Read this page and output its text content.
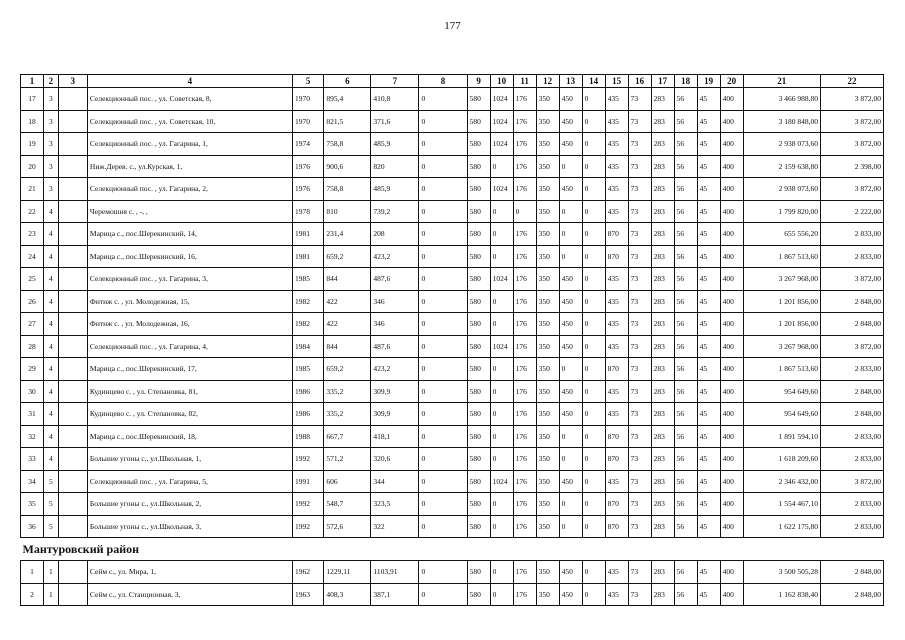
177
1	2	3	4	5	6	7	8	9	10	11	12	13	14	15	16	17	18	19	20	21	22
17	3		Селекционный пос. , ул. Советская, 8,	1970	895,4	410,8	0	580	1024	176	350	450	0	435	73	283	56	45	400	3 466 988,80	3 872,00
18	3		Селекционный пос. , ул. Советская, 10,	1970	821,5	371,6	0	580	1024	176	350	450	0	435	73	283	56	45	400	3 180 848,00	3 872,00
19	3		Селекционный пос. , ул. Гагарина, 1,	1974	758,8	485,9	0	580	1024	176	350	450	0	435	73	283	56	45	400	2 938 073,60	3 872,00
20	3		Ниж.Дерев. с., ул.Курская, 1,	1976	900,6	820	0	580	0	176	350	0	0	435	73	283	56	45	400	2 159 638,80	2 398,00
21	3		Селекционный пос. , ул. Гагарина, 2,	1976	758,8	485,9	0	580	1024	176	350	450	0	435	73	283	56	45	400	2 938 073,60	3 872,00
22	4		Черемошня с. , -, ,	1978	810	739,2	0	580	0	0	350	0	0	435	73	283	56	45	400	1 799 820,00	2 222,00
23	4		Марица с., пос.Шерекинский, 14,	1981	231,4	208	0	580	0	176	350	0	0	870	73	283	56	45	400	655 556,20	2 833,00
24	4		Марица с., пос.Шерекинский, 16,	1981	659,2	423,2	0	580	0	176	350	0	0	870	73	283	56	45	400	1 867 513,60	2 833,00
25	4		Селекционный пос. , ул. Гагарина, 3,	1985	844	487,6	0	580	1024	176	350	450	0	435	73	283	56	45	400	3 267 968,00	3 872,00
26	4		Фитиж с. , ул. Молодежная, 15,	1982	422	346	0	580	0	176	350	450	0	435	73	283	56	45	400	1 201 856,00	2 848,00
27	4		Фитиж с. , ул. Молодежная, 16,	1982	422	346	0	580	0	176	350	450	0	435	73	283	56	45	400	1 201 856,00	2 848,00
28	4		Селекционный пос. , ул. Гагарина, 4,	1984	844	487,6	0	580	1024	176	350	450	0	435	73	283	56	45	400	3 267 968,00	3 872,00
29	4		Марица с., пос.Шерекинский, 17,	1985	659,2	423,2	0	580	0	176	350	0	0	870	73	283	56	45	400	1 867 513,60	2 833,00
30	4		Кудинцево с. , ул. Степановка, 81,	1986	335,2	309,9	0	580	0	176	350	450	0	435	73	283	56	45	400	954 649,60	2 848,00
31	4		Кудинцево с. , ул. Степановка, 82,	1986	335,2	309,9	0	580	0	176	350	450	0	435	73	283	56	45	400	954 649,60	2 848,00
32	4		Марица с., пос.Шерекинский, 18,	1988	667,7	418,1	0	580	0	176	350	0	0	870	73	283	56	45	400	1 891 594,10	2 833,00
33	4		Большие угоны с., ул.Школьная, 1,	1992	571,2	320,6	0	580	0	176	350	0	0	870	73	283	56	45	400	1 618 209,60	2 833,00
34	5		Селекционный пос. , ул. Гагарина, 5,	1991	606	344	0	580	1024	176	350	450	0	435	73	283	56	45	400	2 346 432,00	3 872,00
35	5		Большие угоны с., ул.Школьная, 2,	1992	548,7	323,5	0	580	0	176	350	0	0	870	73	283	56	45	400	1 554 467,10	2 833,00
36	5		Большие угоны с., ул.Школьная, 3,	1992	572,6	322	0	580	0	176	350	0	0	870	73	283	56	45	400	1 622 175,80	2 833,00
Мантуровский район																					
1	1		Сейм с., ул. Мира, 1,	1962	1229,11	1103,91	0	580	0	176	350	450	0	435	73	283	56	45	400	3 500 505,28	2 848,00
2	1		Сейм с., ул. Станционная, 3,	1963	408,3	387,1	0	580	0	176	350	450	0	435	73	283	56	45	400	1 162 838,40	2 848,00
